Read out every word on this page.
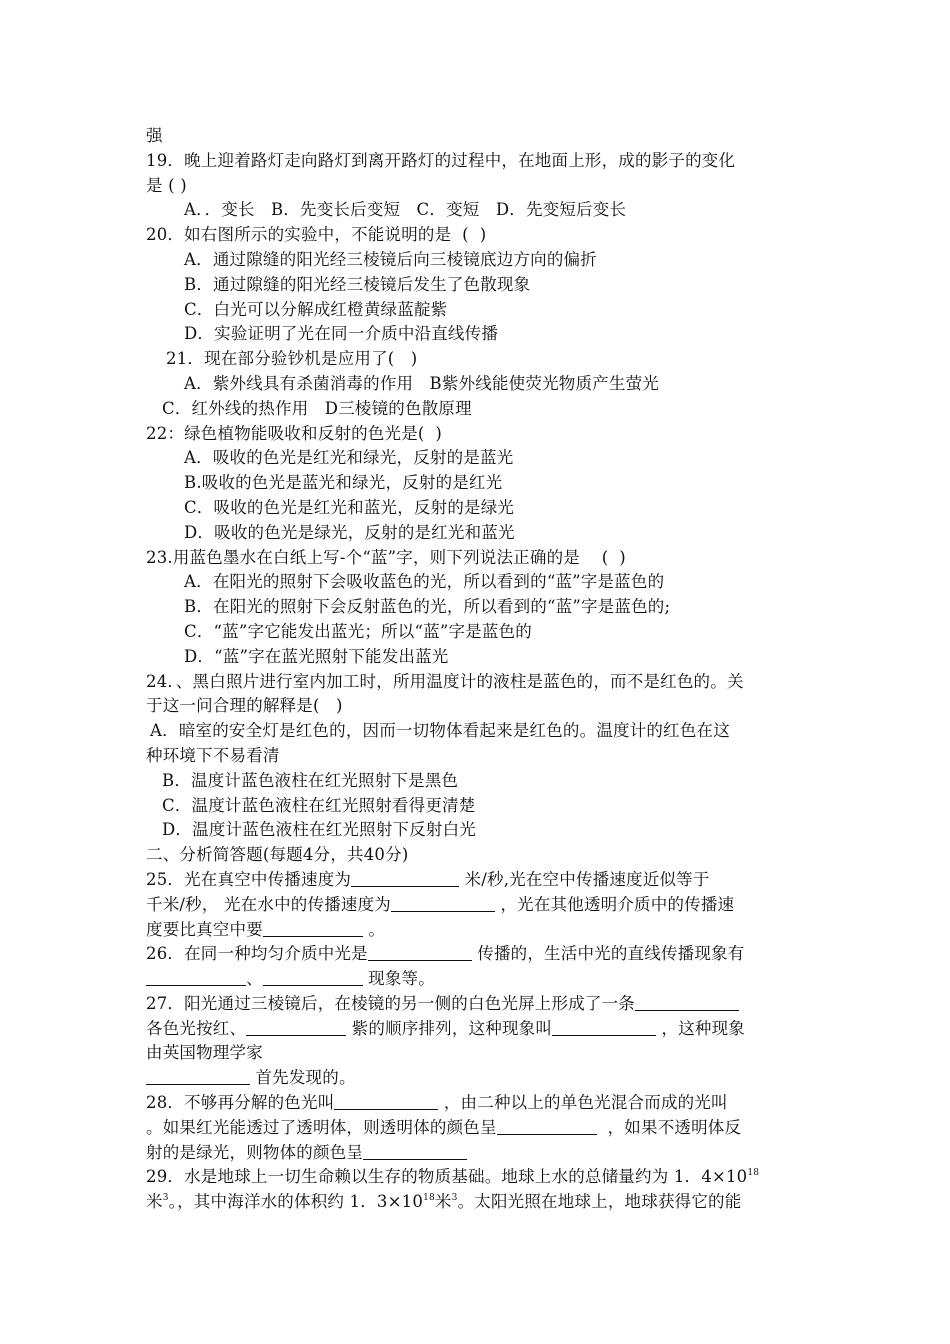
强
19．晚上迎着路灯走向路灯到离开路灯的过程中，在地面上形，成的影子的变化
是 ( )
A．．变长   B．先变长后变短   C．变短   D．先变短后变长
20．如右图所示的实验中，不能说明的是  (  )
A．通过隙缝的阳光经三棱镜后向三棱镜底边方向的偏折
B．通过隙缝的阳光经三棱镜后发生了色散现象
C．白光可以分解成红橙黄绿蓝靛紫
D．实验证明了光在同一介质中沿直线传播
21．现在部分验钞机是应用了(   )
A．紫外线具有杀菌消毒的作用   B紫外线能使荧光物质产生萤光
C．红外线的热作用   D三棱镜的色散原理
22：绿色植物能吸收和反射的色光是(  )
A．吸收的色光是红光和绿光，反射的是蓝光
B.吸收的色光是蓝光和绿光，反射的是红光
C．吸收的色光是红光和蓝光，反射的是绿光
D．吸收的色光是绿光，反射的是红光和蓝光
23.用蓝色墨水在白纸上写-个“蓝”字，则下列说法正确的是    (  )
A．在阳光的照射下会吸收蓝色的光，所以看到的“蓝”字是蓝色的
B．在阳光的照射下会反射蓝色的光，所以看到的“蓝”字是蓝色的;
C．“蓝”字它能发出蓝光；所以“蓝”字是蓝色的
D．“蓝”字在蓝光照射下能发出蓝光
24．、黑白照片进行室内加工时，所用温度计的液柱是蓝色的，而不是红色的。关
于这一问合理的解释是(   )
A．暗室的安全灯是红色的，因而一切物体看起来是红色的。温度计的红色在这
种环境下不易看清
B．温度计蓝色液柱在红光照射下是黑色
C．温度计蓝色液柱在红光照射看得更清楚
D．温度计蓝色液柱在红光照射下反射白光
二、分析简答题(每题4分，共40分)
25．光在真空中传播速度为	米/秒,光在空中传播速度近似等于
千米/秒， 光在水中的传播速度为	，光在其他透明介质中的传播速
度要比真空中要	。
26．在同一种均匀介质中光是	传播的，生活中光的直线传播现象有
、	现象等。
27．阳光通过三棱镜后，在棱镜的另一侧的白色光屏上形成了一条
各色光按红、	紫的顺序排列，这种现象叫	，这种现象
由英国物理学家
首先发现的。
28．不够再分解的色光叫	，由二种以上的单色光混合而成的光叫
。如果红光能透过了透明体，则透明体的颜色呈	，如果不透明体反
射的是绿光，则物体的颜色呈
29．水是地球上一切生命赖以生存的物质基础。地球上水的总储量约为 1．$4\times 10^{18}$
米$^3$。，其中海洋水的体积约 1．$3\times 10^{18}$米$^3$。太阳光照在地球上，地球获得它的能
